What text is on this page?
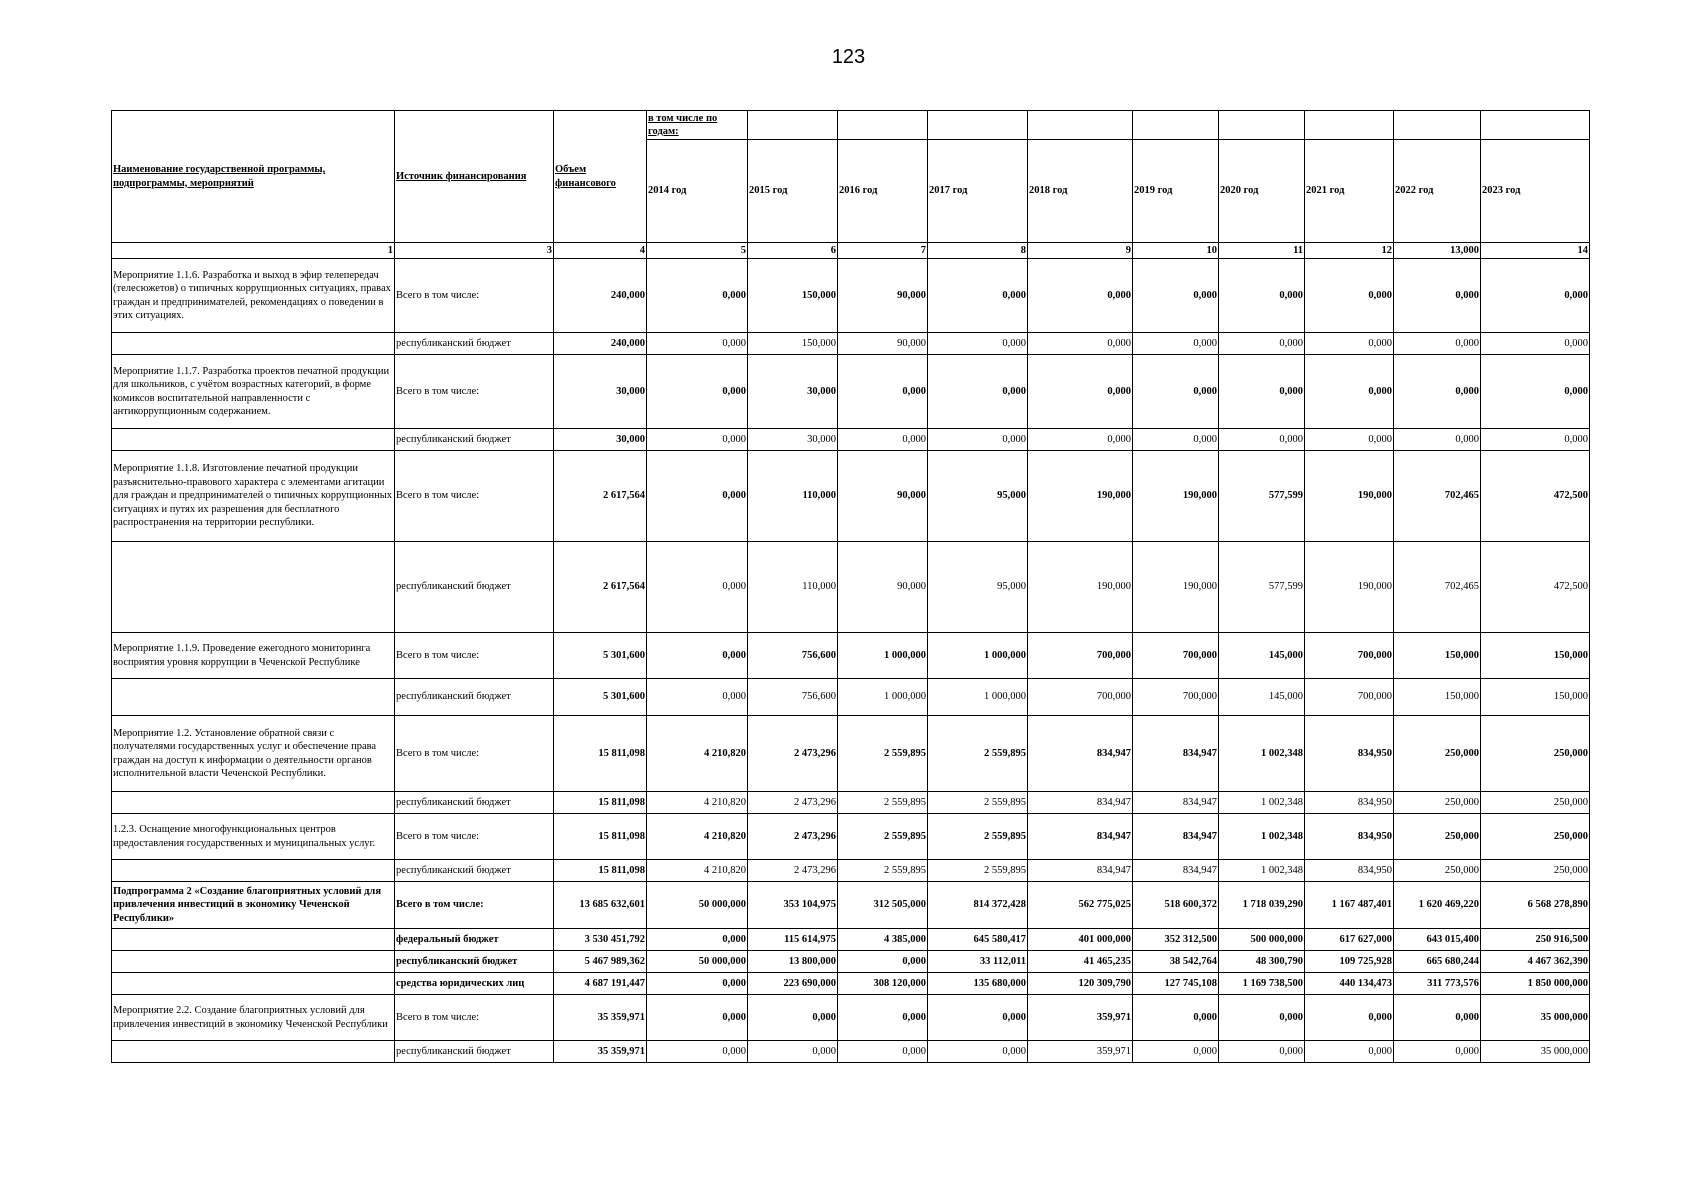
123
Наименование государственной программы, подпрограммы, мероприятий	Источник финансирования	Объем финансового	в том числе по годам:									
			2014 год	2015 год	2016 год	2017 год	2018 год	2019 год	2020 год	2021 год	2022 год	2023 год
1	3	4	5	6	7	8	9	10	11	12	13,000	14
Мероприятие 1.1.6. Разработка и выход в эфир телепередач (телесюжетов) о типичных коррупционных ситуациях, правах граждан и предпринимателей, рекомендациях о поведении в этих ситуациях.	Всего в том числе:	240,000	0,000	150,000	90,000	0,000	0,000	0,000	0,000	0,000	0,000	0,000
	республиканский бюджет	240,000	0,000	150,000	90,000	0,000	0,000	0,000	0,000	0,000	0,000	0,000
Мероприятие 1.1.7. Разработка проектов печатной продукции для школьников, с учётом возрастных категорий, в форме комиксов воспитательной направленности с антикоррупционным содержанием.	Всего в том числе:	30,000	0,000	30,000	0,000	0,000	0,000	0,000	0,000	0,000	0,000	0,000
	республиканский бюджет	30,000	0,000	30,000	0,000	0,000	0,000	0,000	0,000	0,000	0,000	0,000
Мероприятие 1.1.8. Изготовление печатной продукции разъяснительно-правового характера с элементами агитации для граждан и предпринимателей о типичных коррупционных ситуациях и путях их разрешения для бесплатного распространения на территории республики.	Всего в том числе:	2 617,564	0,000	110,000	90,000	95,000	190,000	190,000	577,599	190,000	702,465	472,500
	республиканский бюджет	2 617,564	0,000	110,000	90,000	95,000	190,000	190,000	577,599	190,000	702,465	472,500
Мероприятие 1.1.9. Проведение ежегодного мониторинга восприятия уровня коррупции в Чеченской Республике	Всего в том числе:	5 301,600	0,000	756,600	1 000,000	1 000,000	700,000	700,000	145,000	700,000	150,000	150,000
	республиканский бюджет	5 301,600	0,000	756,600	1 000,000	1 000,000	700,000	700,000	145,000	700,000	150,000	150,000
Мероприятие 1.2. Установление обратной связи с получателями государственных услуг и обеспечение права граждан на доступ к информации о деятельности органов исполнительной власти Чеченской Республики.	Всего в том числе:	15 811,098	4 210,820	2 473,296	2 559,895	2 559,895	834,947	834,947	1 002,348	834,950	250,000	250,000
	республиканский бюджет	15 811,098	4 210,820	2 473,296	2 559,895	2 559,895	834,947	834,947	1 002,348	834,950	250,000	250,000
1.2.3. Оснащение многофункциональных центров предоставления государственных и муниципальных услуг.	Всего в том числе:	15 811,098	4 210,820	2 473,296	2 559,895	2 559,895	834,947	834,947	1 002,348	834,950	250,000	250,000
	республиканский бюджет	15 811,098	4 210,820	2 473,296	2 559,895	2 559,895	834,947	834,947	1 002,348	834,950	250,000	250,000
Подпрограмма 2 «Создание благоприятных условий для привлечения инвестиций в экономику Чеченской Республики»	Всего в том числе:	13 685 632,601	50 000,000	353 104,975	312 505,000	814 372,428	562 775,025	518 600,372	1 718 039,290	1 167 487,401	1 620 469,220	6 568 278,890
	федеральный бюджет	3 530 451,792	0,000	115 614,975	4 385,000	645 580,417	401 000,000	352 312,500	500 000,000	617 627,000	643 015,400	250 916,500
	республиканский бюджет	5 467 989,362	50 000,000	13 800,000	0,000	33 112,011	41 465,235	38 542,764	48 300,790	109 725,928	665 680,244	4 467 362,390
	средства юридических лиц	4 687 191,447	0,000	223 690,000	308 120,000	135 680,000	120 309,790	127 745,108	1 169 738,500	440 134,473	311 773,576	1 850 000,000
Мероприятие 2.2. Создание благоприятных условий для привлечения инвестиций в экономику Чеченской Республики	Всего в том числе:	35 359,971	0,000	0,000	0,000	0,000	359,971	0,000	0,000	0,000	0,000	35 000,000
	республиканский бюджет	35 359,971	0,000	0,000	0,000	0,000	359,971	0,000	0,000	0,000	0,000	35 000,000
